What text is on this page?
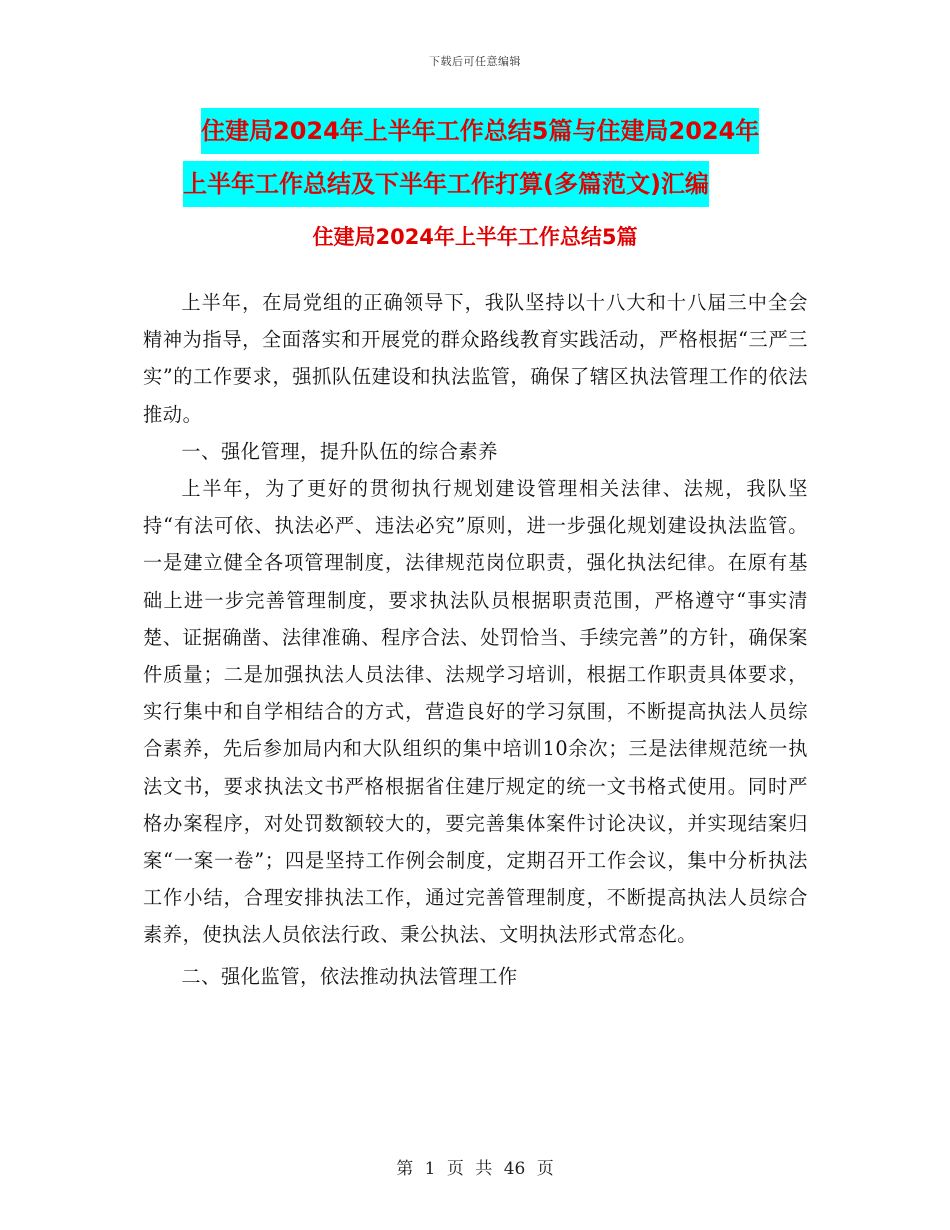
下载后可任意编辑
住建局2024年上半年工作总结5篇与住建局2024年
上半年工作总结及下半年工作打算(多篇范文)汇编
住建局2024年上半年工作总结5篇

上半年，在局党组的正确领导下，我队坚持以十八大和十八届三中全会精神为指导，全面落实和开展党的群众路线教育实践活动，严格根据“三严三实”的工作要求，强抓队伍建设和执法监管，确保了辖区执法管理工作的依法推动。

一、强化管理，提升队伍的综合素养

上半年，为了更好的贯彻执行规划建设管理相关法律、法规，我队坚持“有法可依、执法必严、违法必究”原则，进一步强化规划建设执法监管。一是建立健全各项管理制度，法律规范岗位职责，强化执法纪律。在原有基础上进一步完善管理制度，要求执法队员根据职责范围，严格遵守“事实清楚、证据确凿、法律准确、程序合法、处罚恰当、手续完善”的方针，确保案件质量；二是加强执法人员法律、法规学习培训，根据工作职责具体要求，实行集中和自学相结合的方式，营造良好的学习氛围，不断提高执法人员综合素养，先后参加局内和大队组织的集中培训10余次；三是法律规范统一执法文书，要求执法文书严格根据省住建厅规定的统一文书格式使用。同时严格办案程序，对处罚数额较大的，要完善集体案件讨论决议，并实现结案归案“一案一卷”；四是坚持工作例会制度，定期召开工作会议，集中分析执法工作小结，合理安排执法工作，通过完善管理制度，不断提高执法人员综合素养，使执法人员依法行政、秉公执法、文明执法形式常态化。

二、强化监管，依法推动执法管理工作

第 1 页 共 46 页
